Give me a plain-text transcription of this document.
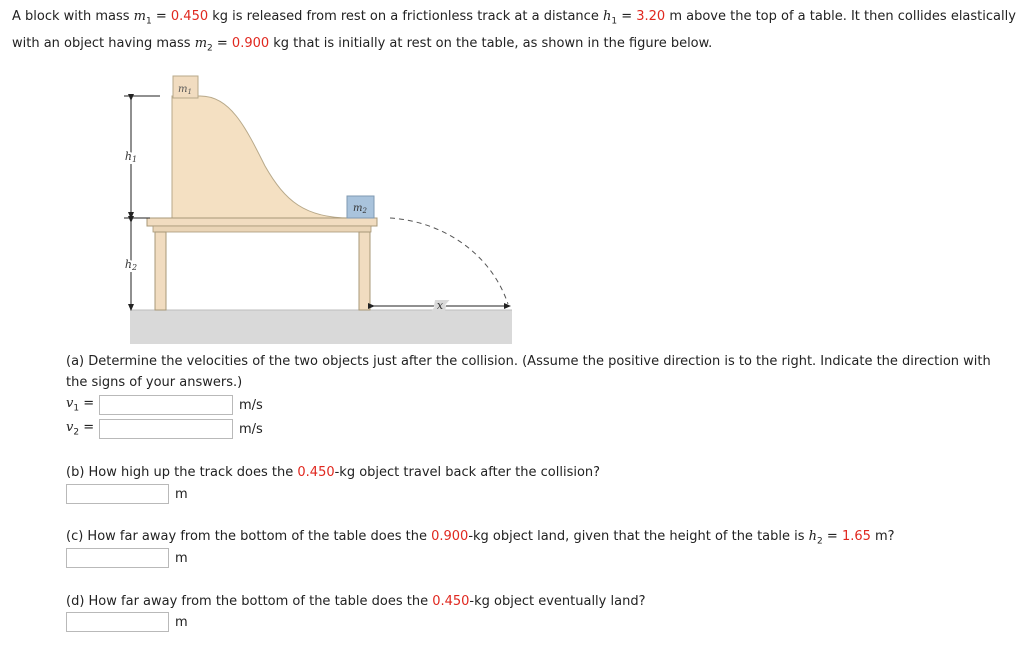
A block with mass $m_1 = 0.450$ kg is released from rest on a frictionless track at a distance $h_1 = 3.20$ m above the top of a table. It then collides elastically with an object having mass $m_2 = 0.900$ kg that is initially at rest on the table, as shown in the figure below.
$m_1$
$m_2$
h1
h2
x
(a) Determine the velocities of the two objects just after the collision. (Assume the positive direction is to the right. Indicate the direction with the signs of your answers.)
$v_1$ =	m/s
$v_2$ =	m/s
(b) How high up the track does the 0.450-kg object travel back after the collision?
m
(c) How far away from the bottom of the table does the 0.900-kg object land, given that the height of the table is $h_2 = 1.65$ m?
m
(d) How far away from the bottom of the table does the 0.450-kg object eventually land?
m
